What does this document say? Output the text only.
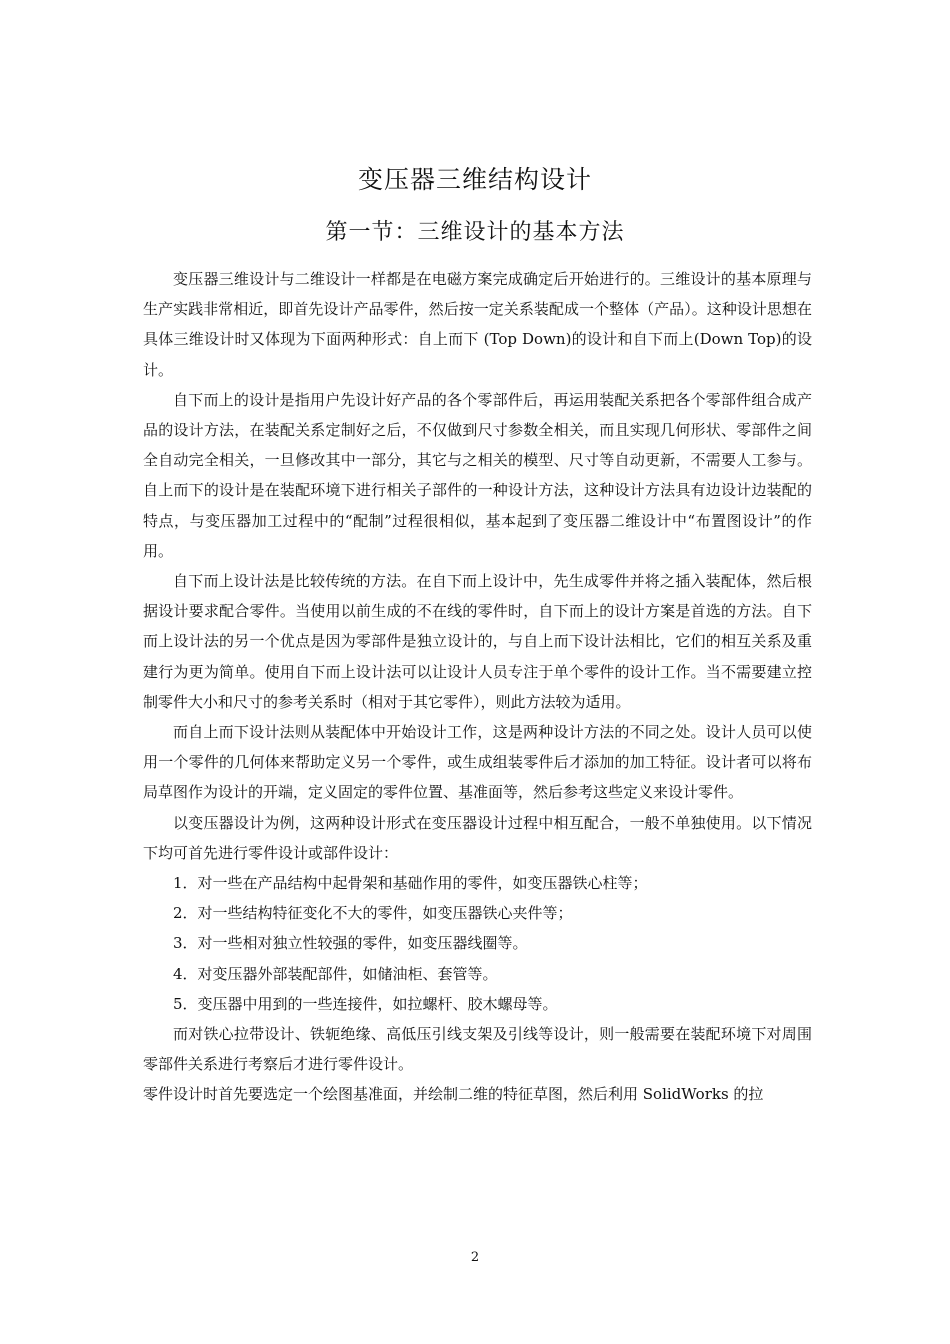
变压器三维结构设计
第一节：三维设计的基本方法

变压器三维设计与二维设计一样都是在电磁方案完成确定后开始进行的。三维设计的基本原理与生产实践非常相近，即首先设计产品零件，然后按一定关系装配成一个整体（产品）。这种设计思想在具体三维设计时又体现为下面两种形式：自上而下 (Top Down)的设计和自下而上(Down Top)的设计。

自下而上的设计是指用户先设计好产品的各个零部件后，再运用装配关系把各个零部件组合成产品的设计方法，在装配关系定制好之后，不仅做到尺寸参数全相关，而且实现几何形状、零部件之间全自动完全相关，一旦修改其中一部分，其它与之相关的模型、尺寸等自动更新，不需要人工参与。自上而下的设计是在装配环境下进行相关子部件的一种设计方法，这种设计方法具有边设计边装配的特点，与变压器加工过程中的“配制”过程很相似，基本起到了变压器二维设计中“布置图设计”的作用。

自下而上设计法是比较传统的方法。在自下而上设计中，先生成零件并将之插入装配体，然后根据设计要求配合零件。当使用以前生成的不在线的零件时，自下而上的设计方案是首选的方法。自下而上设计法的另一个优点是因为零部件是独立设计的，与自上而下设计法相比，它们的相互关系及重建行为更为简单。使用自下而上设计法可以让设计人员专注于单个零件的设计工作。当不需要建立控制零件大小和尺寸的参考关系时（相对于其它零件），则此方法较为适用。

而自上而下设计法则从装配体中开始设计工作，这是两种设计方法的不同之处。设计人员可以使用一个零件的几何体来帮助定义另一个零件，或生成组装零件后才添加的加工特征。设计者可以将布局草图作为设计的开端，定义固定的零件位置、基准面等，然后参考这些定义来设计零件。

以变压器设计为例，这两种设计形式在变压器设计过程中相互配合，一般不单独使用。以下情况下均可首先进行零件设计或部件设计：

1．对一些在产品结构中起骨架和基础作用的零件，如变压器铁心柱等；

2．对一些结构特征变化不大的零件，如变压器铁心夹件等；

3．对一些相对独立性较强的零件，如变压器线圈等。

4．对变压器外部装配部件，如储油柜、套管等。

5．变压器中用到的一些连接件，如拉螺杆、胶木螺母等。

而对铁心拉带设计、铁轭绝缘、高低压引线支架及引线等设计，则一般需要在装配环境下对周围零部件关系进行考察后才进行零件设计。

零件设计时首先要选定一个绘图基准面，并绘制二维的特征草图，然后利用 SolidWorks 的拉

2
